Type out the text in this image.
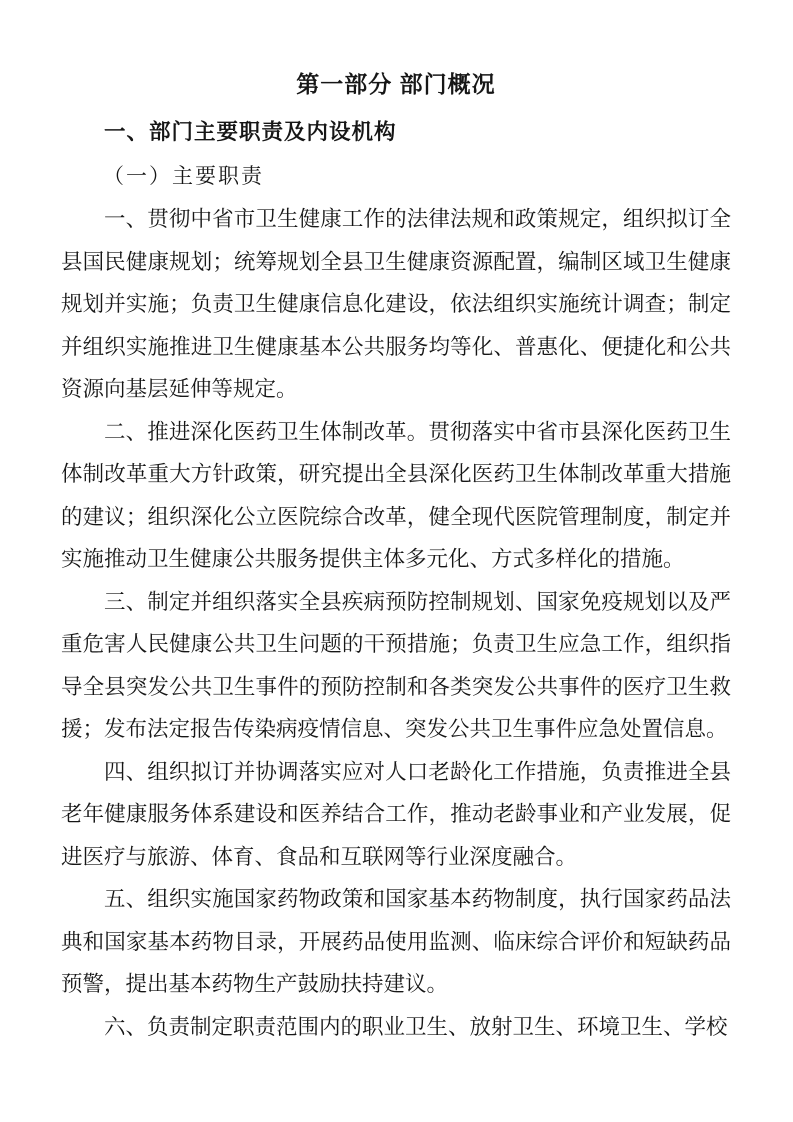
第一部分 部门概况
一、部门主要职责及内设机构
（一）主要职责

一、贯彻中省市卫生健康工作的法律法规和政策规定，组织拟订全县国民健康规划；统筹规划全县卫生健康资源配置，编制区域卫生健康规划并实施；负责卫生健康信息化建设，依法组织实施统计调查；制定并组织实施推进卫生健康基本公共服务均等化、普惠化、便捷化和公共资源向基层延伸等规定。

二、推进深化医药卫生体制改革。贯彻落实中省市县深化医药卫生体制改革重大方针政策，研究提出全县深化医药卫生体制改革重大措施的建议；组织深化公立医院综合改革，健全现代医院管理制度，制定并实施推动卫生健康公共服务提供主体多元化、方式多样化的措施。

三、制定并组织落实全县疾病预防控制规划、国家免疫规划以及严重危害人民健康公共卫生问题的干预措施；负责卫生应急工作，组织指导全县突发公共卫生事件的预防控制和各类突发公共事件的医疗卫生救援；发布法定报告传染病疫情信息、突发公共卫生事件应急处置信息。

四、组织拟订并协调落实应对人口老龄化工作措施，负责推进全县老年健康服务体系建设和医养结合工作，推动老龄事业和产业发展，促进医疗与旅游、体育、食品和互联网等行业深度融合。

五、组织实施国家药物政策和国家基本药物制度，执行国家药品法典和国家基本药物目录，开展药品使用监测、临床综合评价和短缺药品预警，提出基本药物生产鼓励扶持建议。

六、负责制定职责范围内的职业卫生、放射卫生、环境卫生、学校
